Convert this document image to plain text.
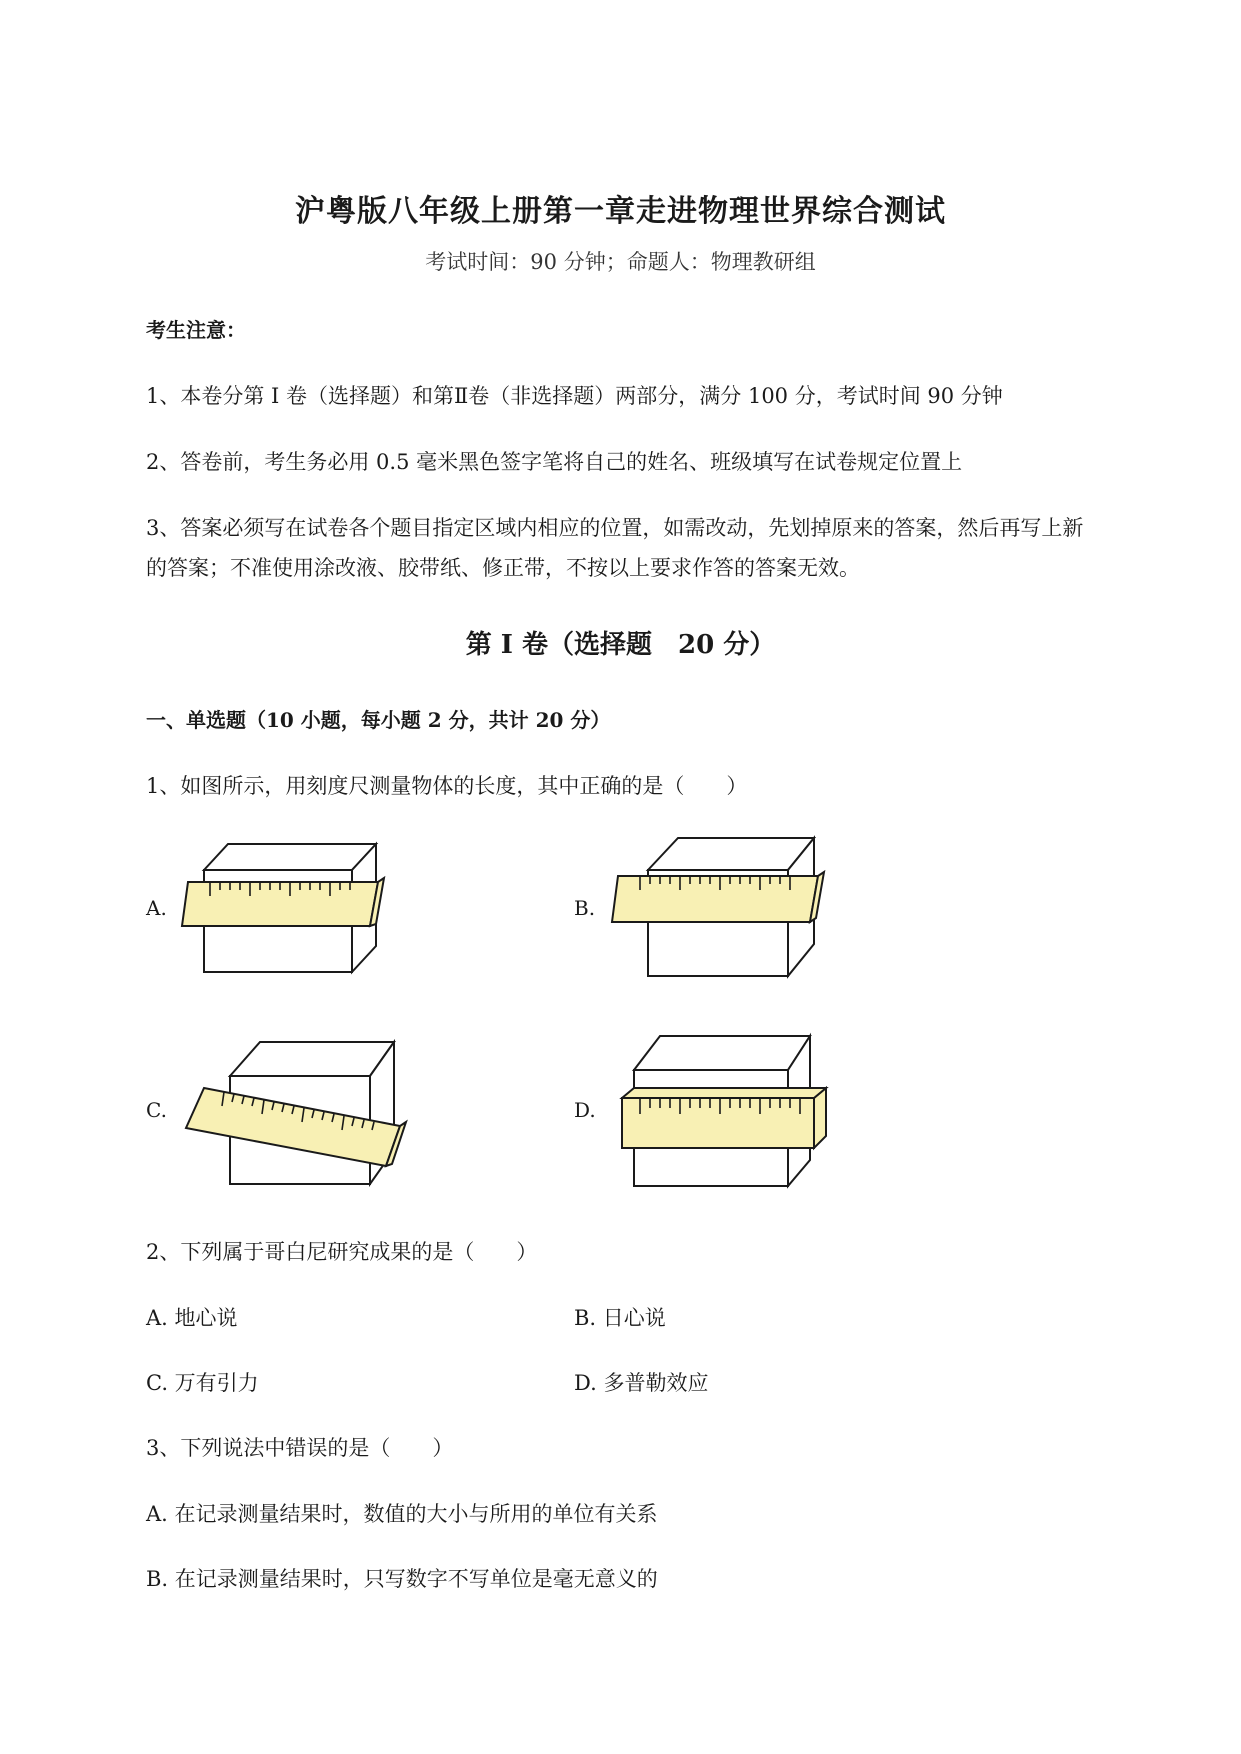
沪粤版八年级上册第一章走进物理世界综合测试
考试时间：90 分钟；命题人：物理教研组
考生注意：
1、本卷分第 I 卷（选择题）和第Ⅱ卷（非选择题）两部分，满分 100 分，考试时间 90 分钟
2、答卷前，考生务必用 0.5 毫米黑色签字笔将自己的姓名、班级填写在试卷规定位置上
3、答案必须写在试卷各个题目指定区域内相应的位置，如需改动，先划掉原来的答案，然后再写上新
的答案；不准使用涂改液、胶带纸、修正带，不按以上要求作答的答案无效。
第 I 卷（选择题　20 分）
一、单选题（10 小题，每小题 2 分，共计 20 分）
1、如图所示，用刻度尺测量物体的长度，其中正确的是（　　）
A.	B.
C.	D.
2、下列属于哥白尼研究成果的是（　　）
A. 地心说	B. 日心说
C. 万有引力	D. 多普勒效应
3、下列说法中错误的是（　　）
A. 在记录测量结果时，数值的大小与所用的单位有关系
B. 在记录测量结果时，只写数字不写单位是毫无意义的
